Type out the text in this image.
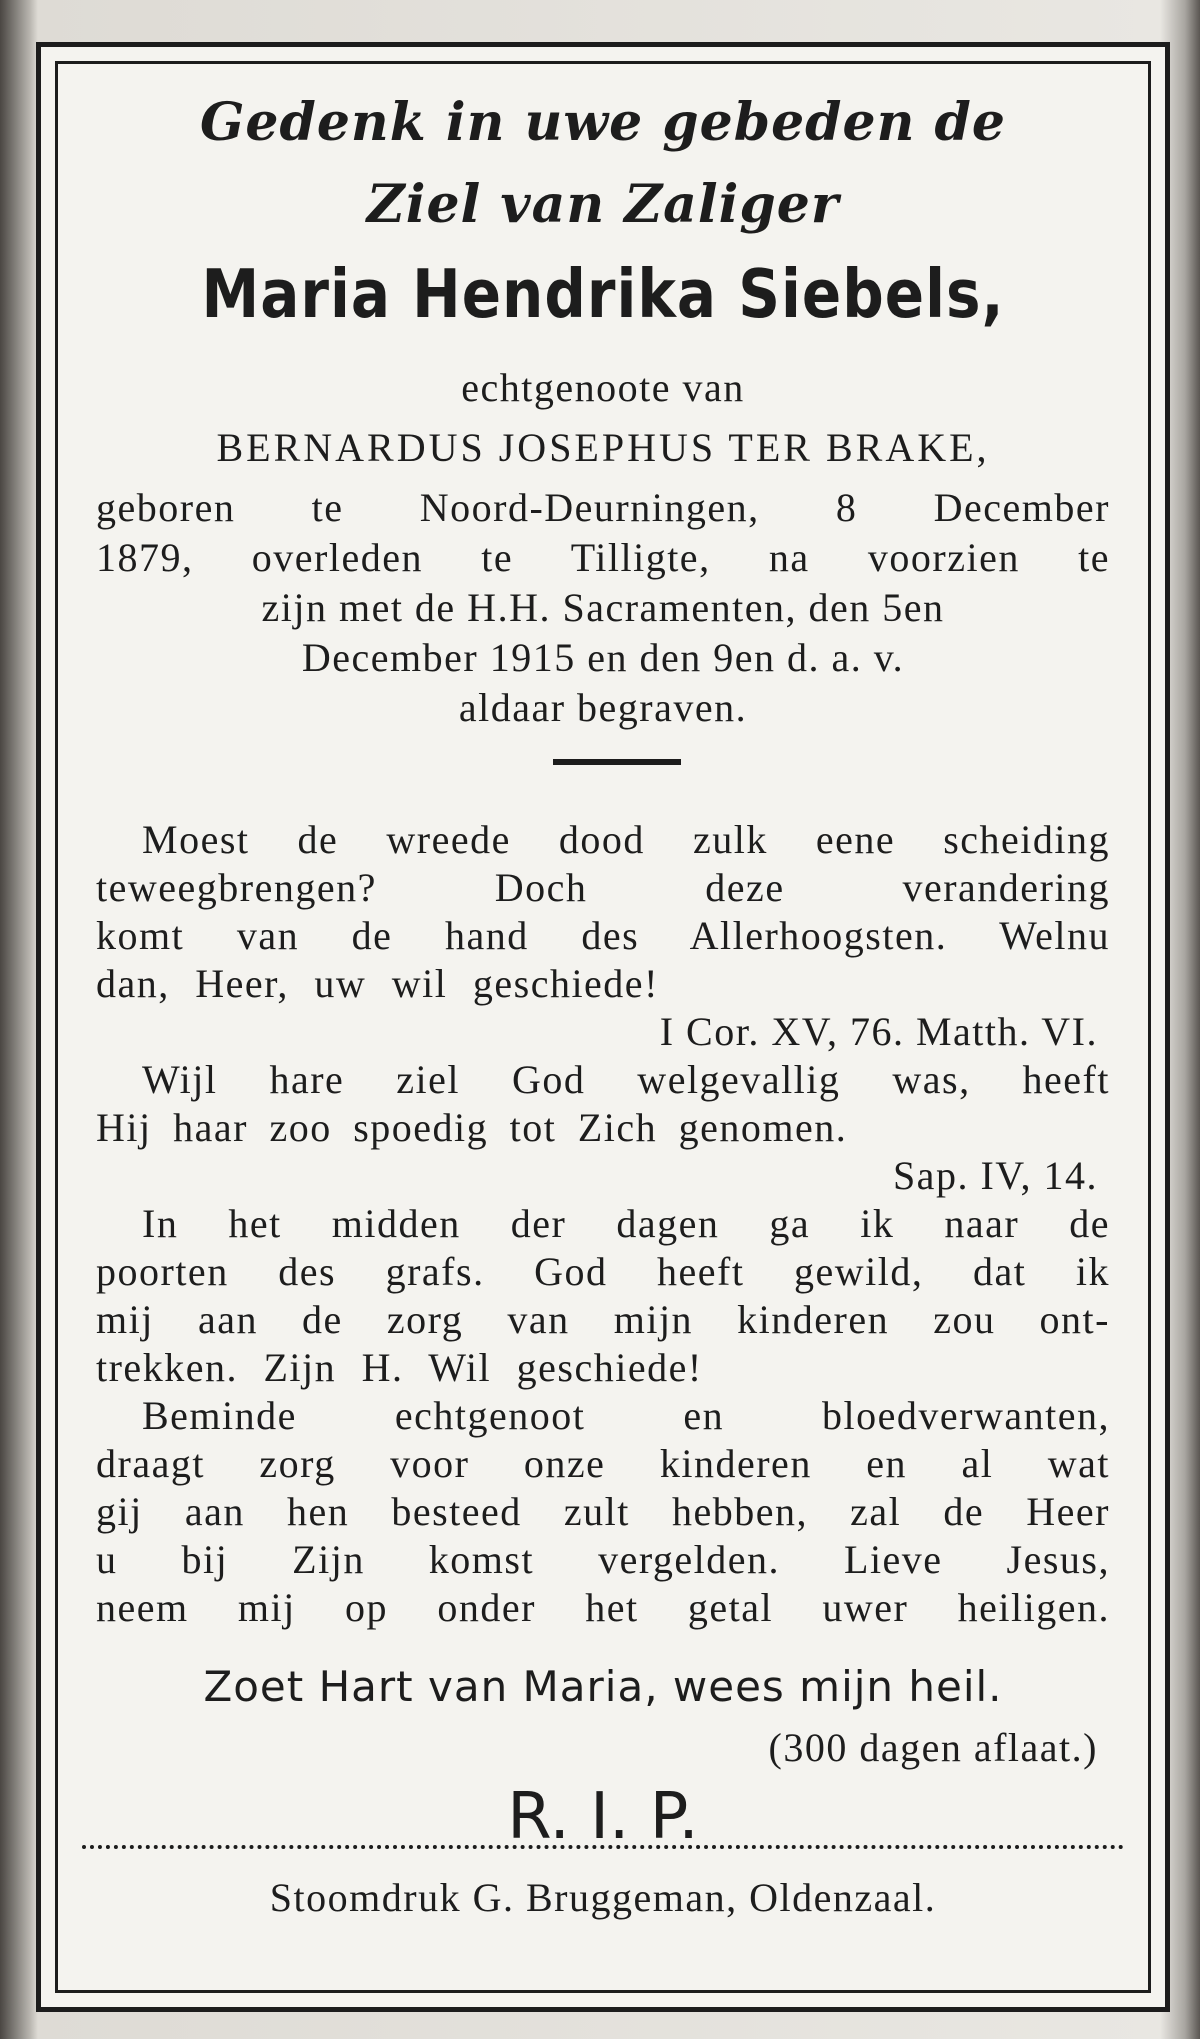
Gedenk in uwe gebeden de
Ziel van Zaliger
Maria Hendrika Siebels,
echtgenoote van
BERNARDUS JOSEPHUS TER BRAKE,
geboren te Noord-Deurningen, 8 December
1879, overleden te Tilligte, na voorzien te
zijn met de H.H. Sacramenten, den 5en
December 1915 en den 9en d. a. v.
aldaar begraven.
Moest de wreede dood zulk eene scheiding
teweegbrengen? Doch deze verandering
komt van de hand des Allerhoogsten. Welnu
dan, Heer, uw wil geschiede!
I Cor. XV, 76. Matth. VI.
Wijl hare ziel God welgevallig was, heeft
Hij haar zoo spoedig tot Zich genomen.
Sap. IV, 14.
In het midden der dagen ga ik naar de
poorten des grafs. God heeft gewild, dat ik
mij aan de zorg van mijn kinderen zou ont-
trekken. Zijn H. Wil geschiede!
Beminde echtgenoot en bloedverwanten,
draagt zorg voor onze kinderen en al wat
gij aan hen besteed zult hebben, zal de Heer
u bij Zijn komst vergelden. Lieve Jesus,
neem mij op onder het getal uwer heiligen.
Zoet Hart van Maria, wees mijn heil.
(300 dagen aflaat.)
R. I. P.
Stoomdruk G. Bruggeman, Oldenzaal.
